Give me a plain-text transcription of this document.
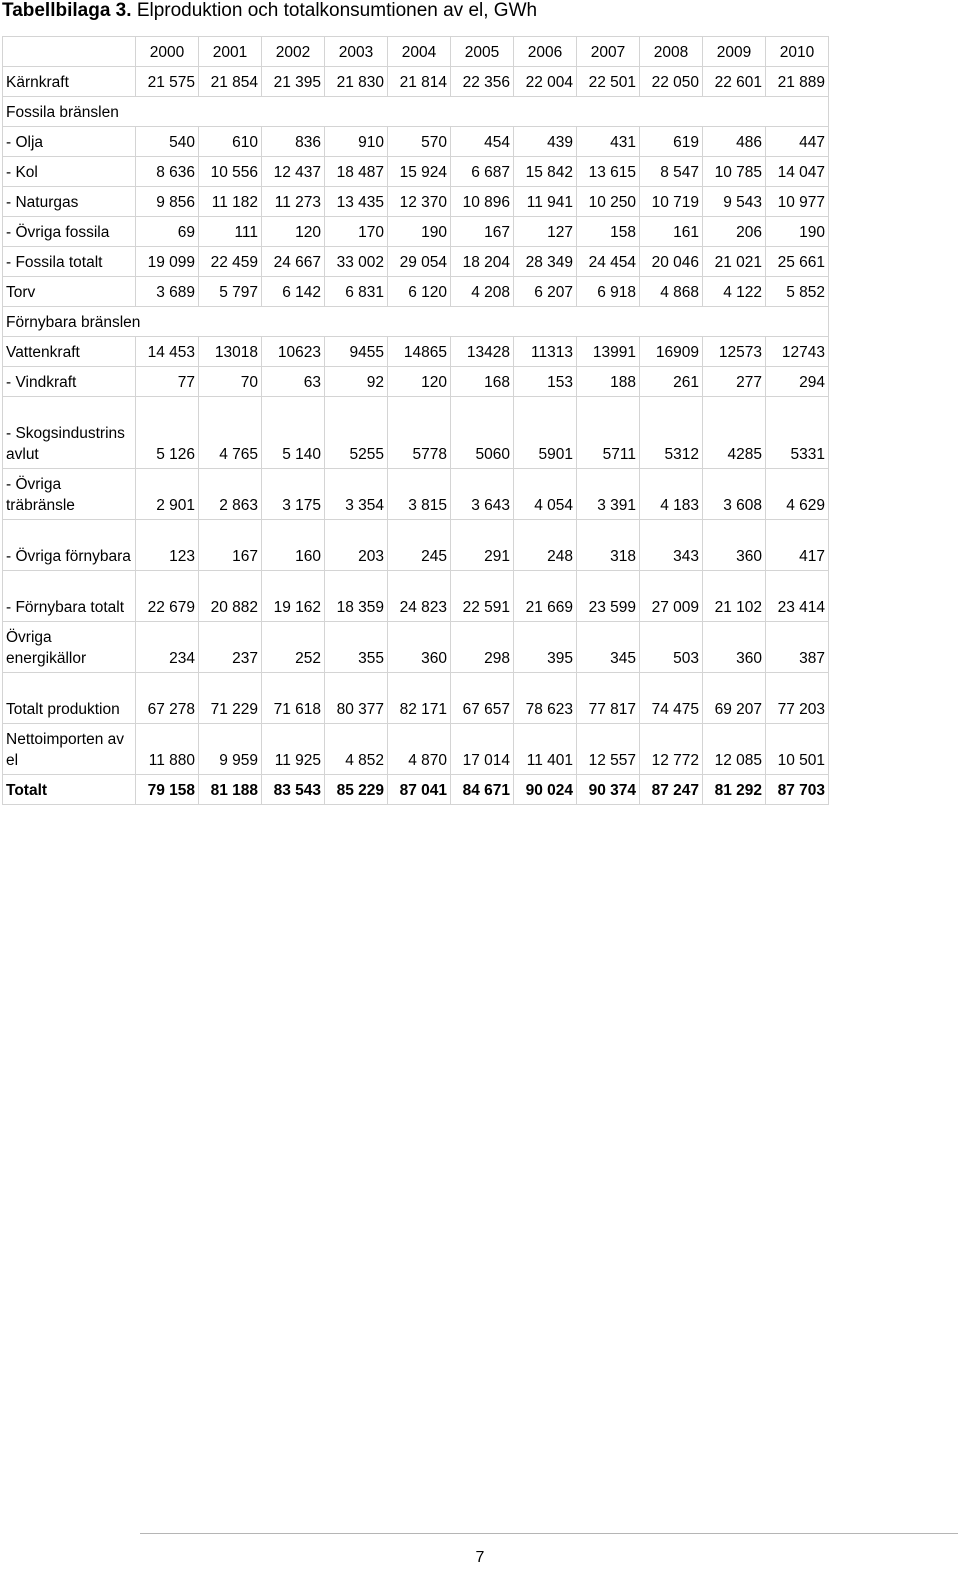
Tabellbilaga 3. Elproduktion och totalkonsumtionen av el, GWh
	2000	2001	2002	2003	2004	2005	2006	2007	2008	2009	2010
Kärnkraft	21 575	21 854	21 395	21 830	21 814	22 356	22 004	22 501	22 050	22 601	21 889
Fossila bränslen											
- Olja	540	610	836	910	570	454	439	431	619	486	447
- Kol	8 636	10 556	12 437	18 487	15 924	6 687	15 842	13 615	8 547	10 785	14 047
- Naturgas	9 856	11 182	11 273	13 435	12 370	10 896	11 941	10 250	10 719	9 543	10 977
- Övriga fossila	69	111	120	170	190	167	127	158	161	206	190
- Fossila totalt	19 099	22 459	24 667	33 002	29 054	18 204	28 349	24 454	20 046	21 021	25 661
Torv	3 689	5 797	6 142	6 831	6 120	4 208	6 207	6 918	4 868	4 122	5 852
Förnybara bränslen											
Vattenkraft	14 453	13018	10623	9455	14865	13428	11313	13991	16909	12573	12743
- Vindkraft	77	70	63	92	120	168	153	188	261	277	294
- Skogsindustrins avlut	5 126	4 765	5 140	5255	5778	5060	5901	5711	5312	4285	5331
- Övriga träbränsle	2 901	2 863	3 175	3 354	3 815	3 643	4 054	3 391	4 183	3 608	4 629
- Övriga förnybara	123	167	160	203	245	291	248	318	343	360	417
- Förnybara totalt	22 679	20 882	19 162	18 359	24 823	22 591	21 669	23 599	27 009	21 102	23 414
Övriga energikällor	234	237	252	355	360	298	395	345	503	360	387
Totalt produktion	67 278	71 229	71 618	80 377	82 171	67 657	78 623	77 817	74 475	69 207	77 203
Nettoimporten av el	11 880	9 959	11 925	4 852	4 870	17 014	11 401	12 557	12 772	12 085	10 501
Totalt	79 158	81 188	83 543	85 229	87 041	84 671	90 024	90 374	87 247	81 292	87 703
7
